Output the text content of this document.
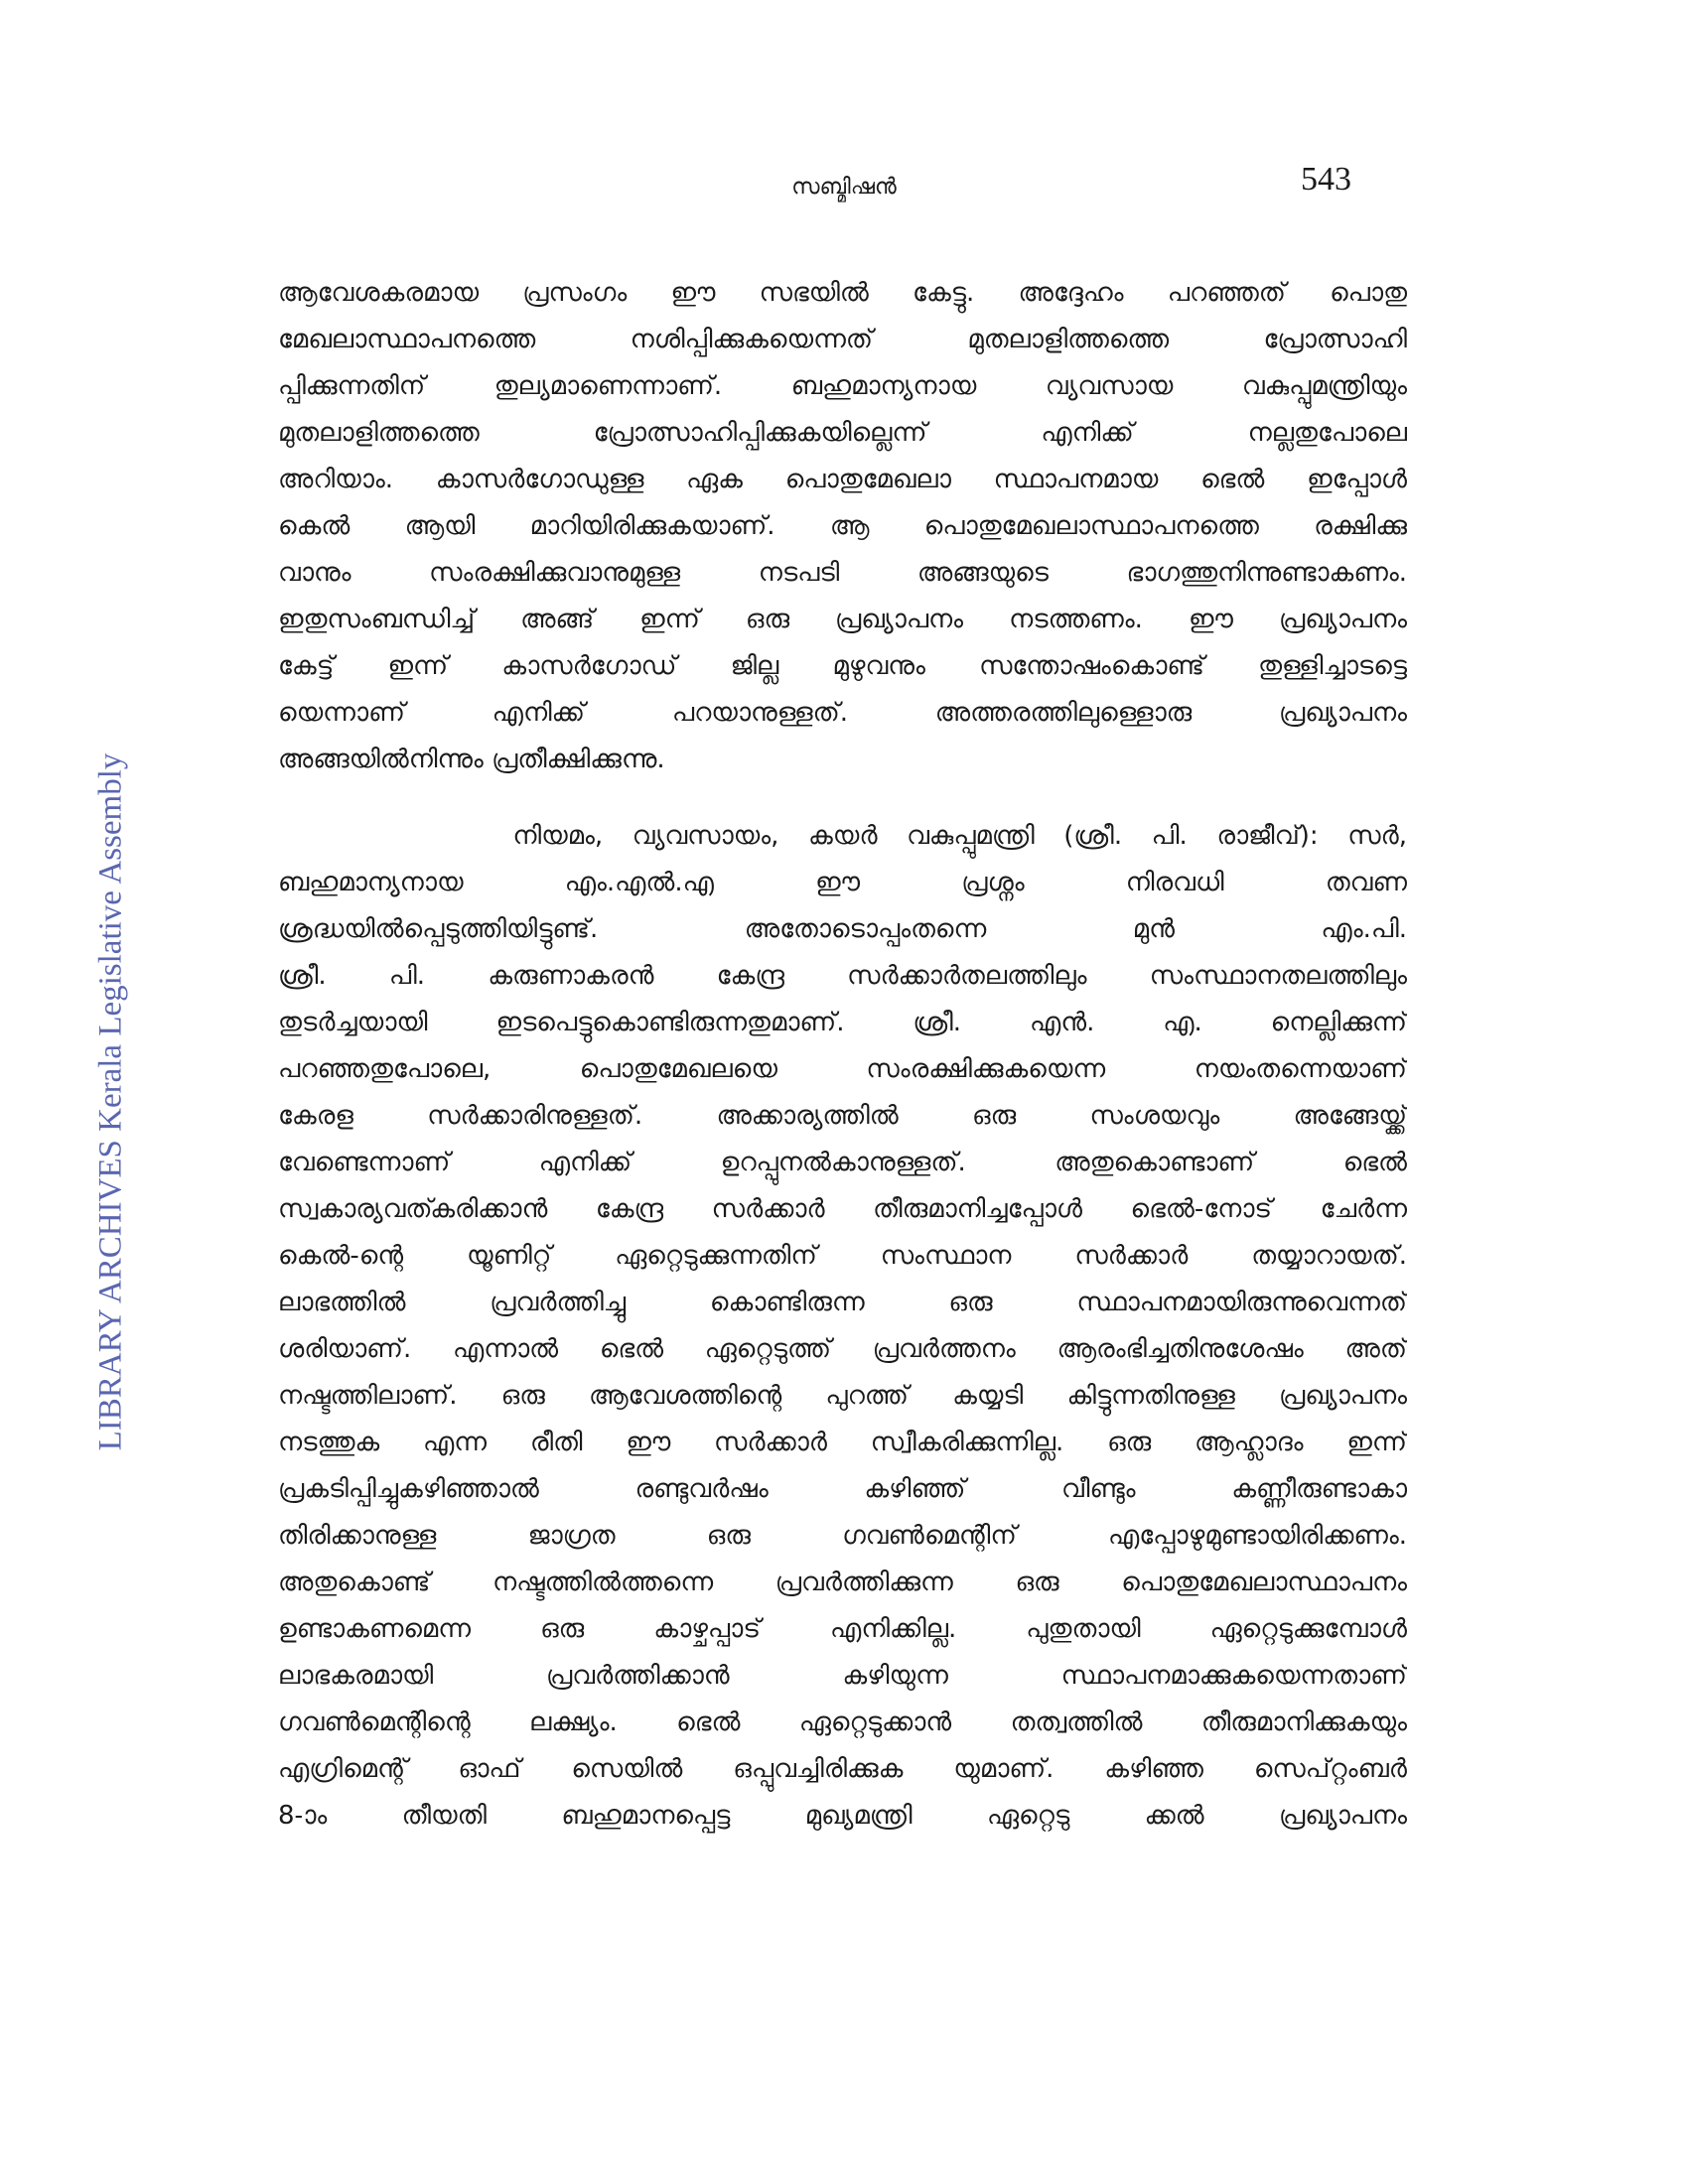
സബ്മിഷൻ	543
LIBRARY ARCHIVES Kerala Legislative Assembly
ആവേശകരമായ പ്രസംഗം ഈ സഭയിൽ കേട്ടു. അദ്ദേഹം പറഞ്ഞത് പൊതു
മേഖലാസ്ഥാപനത്തെ നശിപ്പിക്കുകയെന്നത് മുതലാളിത്തത്തെ പ്രോത്സാഹി
പ്പിക്കുന്നതിന് തുല്യമാണെന്നാണ്. ബഹുമാന്യനായ വ്യവസായ വകുപ്പുമന്ത്രിയും
മുതലാളിത്തത്തെ പ്രോത്സാഹിപ്പിക്കുകയില്ലെന്ന് എനിക്ക് നല്ലതുപോലെ
അറിയാം. കാസർഗോഡുള്ള ഏക പൊതുമേഖലാ സ്ഥാപനമായ ഭെൽ ഇപ്പോൾ
കെൽ ആയി മാറിയിരിക്കുകയാണ്. ആ പൊതുമേഖലാസ്ഥാപനത്തെ രക്ഷിക്കു
വാനും സംരക്ഷിക്കുവാനുമുള്ള നടപടി അങ്ങയുടെ ഭാഗത്തുനിന്നുണ്ടാകണം.
ഇതുസംബന്ധിച്ച് അങ്ങ് ഇന്ന് ഒരു പ്രഖ്യാപനം നടത്തണം. ഈ പ്രഖ്യാപനം
കേട്ട് ഇന്ന് കാസർഗോഡ് ജില്ല മുഴുവനും സന്തോഷംകൊണ്ട് തുള്ളിച്ചാടട്ടെ
യെന്നാണ് എനിക്ക് പറയാനുള്ളത്. അത്തരത്തിലുള്ളൊരു പ്രഖ്യാപനം
അങ്ങയിൽനിന്നും പ്രതീക്ഷിക്കുന്നു.
നിയമം, വ്യവസായം, കയർ വകുപ്പുമന്ത്രി (ശ്രീ. പി. രാജീവ്): സർ,
ബഹുമാന്യനായ എം.എൽ.എ ഈ പ്രശ്നം നിരവധി തവണ
ശ്രദ്ധയിൽപ്പെടുത്തിയിട്ടുണ്ട്. അതോടൊപ്പംതന്നെ മുൻ എം.പി.
ശ്രീ. പി. കരുണാകരൻ കേന്ദ്ര സർക്കാർതലത്തിലും സംസ്ഥാനതലത്തിലും
തുടർച്ചയായി ഇടപെട്ടുകൊണ്ടിരുന്നതുമാണ്. ശ്രീ. എൻ. എ. നെല്ലിക്കുന്ന്
പറഞ്ഞതുപോലെ, പൊതുമേഖലയെ സംരക്ഷിക്കുകയെന്ന നയംതന്നെയാണ്
കേരള സർക്കാരിനുള്ളത്. അക്കാര്യത്തിൽ ഒരു സംശയവും അങ്ങേയ്ക്ക്
വേണ്ടെന്നാണ് എനിക്ക് ഉറപ്പുനൽകാനുള്ളത്. അതുകൊണ്ടാണ് ഭെൽ
സ്വകാര്യവത്കരിക്കാൻ കേന്ദ്ര സർക്കാർ തീരുമാനിച്ചപ്പോൾ ഭെൽ-നോട് ചേർന്ന
കെൽ-ന്റെ യൂണിറ്റ് ഏറ്റെടുക്കുന്നതിന് സംസ്ഥാന സർക്കാർ തയ്യാറായത്.
ലാഭത്തിൽ പ്രവർത്തിച്ചു കൊണ്ടിരുന്ന ഒരു സ്ഥാപനമായിരുന്നുവെന്നത്
ശരിയാണ്. എന്നാൽ ഭെൽ ഏറ്റെടുത്ത് പ്രവർത്തനം ആരംഭിച്ചതിനുശേഷം അത്
നഷ്ടത്തിലാണ്. ഒരു ആവേശത്തിന്റെ പുറത്ത് കയ്യടി കിട്ടുന്നതിനുള്ള പ്രഖ്യാപനം
നടത്തുക എന്ന രീതി ഈ സർക്കാർ സ്വീകരിക്കുന്നില്ല. ഒരു ആഹ്ലാദം ഇന്ന്
പ്രകടിപ്പിച്ചുകഴിഞ്ഞാൽ രണ്ടുവർഷം കഴിഞ്ഞ് വീണ്ടും കണ്ണീരുണ്ടാകാ
തിരിക്കാനുള്ള ജാഗ്രത ഒരു ഗവൺമെന്റിന് എപ്പോഴുമുണ്ടായിരിക്കണം.
അതുകൊണ്ട് നഷ്ടത്തിൽത്തന്നെ പ്രവർത്തിക്കുന്ന ഒരു പൊതുമേഖലാസ്ഥാപനം
ഉണ്ടാകണമെന്ന ഒരു കാഴ്ചപ്പാട് എനിക്കില്ല. പുതുതായി ഏറ്റെടുക്കുമ്പോൾ
ലാഭകരമായി പ്രവർത്തിക്കാൻ കഴിയുന്ന സ്ഥാപനമാക്കുകയെന്നതാണ്
ഗവൺമെന്റിന്റെ ലക്ഷ്യം. ഭെൽ ഏറ്റെടുക്കാൻ തത്വത്തിൽ തീരുമാനിക്കുകയും
എഗ്രിമെന്റ് ഓഫ് സെയിൽ ഒപ്പുവച്ചിരിക്കുക യുമാണ്. കഴിഞ്ഞ സെപ്റ്റംബർ
8-ാം തീയതി ബഹുമാനപ്പെട്ട മുഖ്യമന്ത്രി ഏറ്റെടു ക്കൽ പ്രഖ്യാപനം
